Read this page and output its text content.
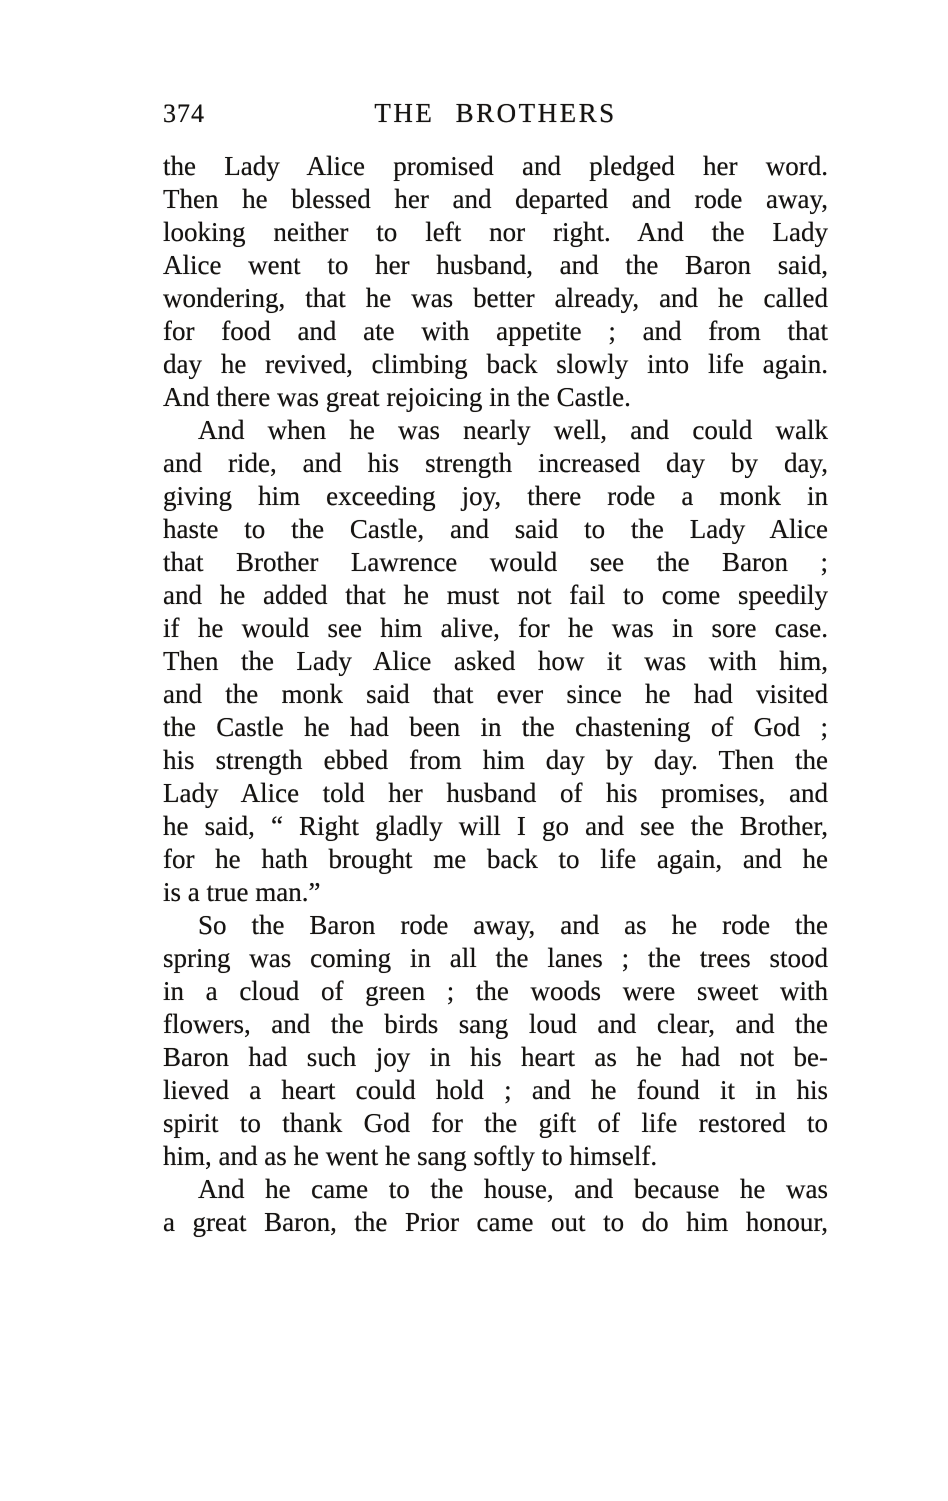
374	THE BROTHERS
the Lady Alice promised and pledged her word.
Then he blessed her and departed and rode away,
looking neither to left nor right. And the Lady
Alice went to her husband, and the Baron said,
wondering, that he was better already, and he called
for food and ate with appetite ; and from that
day he revived, climbing back slowly into life again.
And there was great rejoicing in the Castle.
And when he was nearly well, and could walk
and ride, and his strength increased day by day,
giving him exceeding joy, there rode a monk in
haste to the Castle, and said to the Lady Alice
that Brother Lawrence would see the Baron ;
and he added that he must not fail to come speedily
if he would see him alive, for he was in sore case.
Then the Lady Alice asked how it was with him,
and the monk said that ever since he had visited
the Castle he had been in the chastening of God ;
his strength ebbed from him day by day. Then the
Lady Alice told her husband of his promises, and
he said, “ Right gladly will I go and see the Brother,
for he hath brought me back to life again, and he
is a true man.”
So the Baron rode away, and as he rode the
spring was coming in all the lanes ; the trees stood
in a cloud of green ; the woods were sweet with
flowers, and the birds sang loud and clear, and the
Baron had such joy in his heart as he had not be-
lieved a heart could hold ; and he found it in his
spirit to thank God for the gift of life restored to
him, and as he went he sang softly to himself.
And he came to the house, and because he was
a great Baron, the Prior came out to do him honour,
